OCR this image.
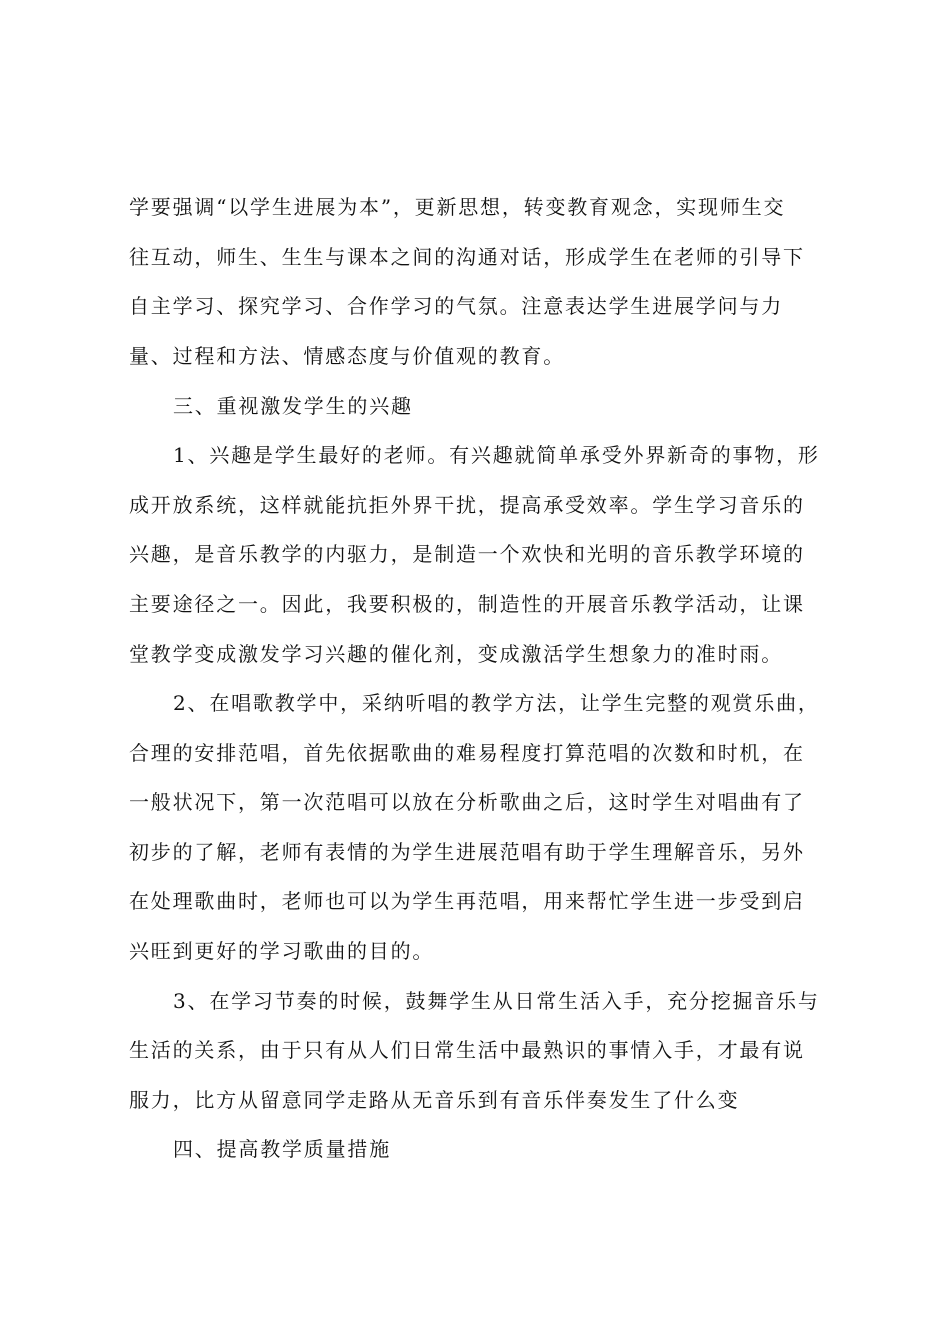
学要强调“以学生进展为本”，更新思想，转变教育观念，实现师生交
往互动，师生、生生与课本之间的沟通对话，形成学生在老师的引导下
自主学习、探究学习、合作学习的气氛。注意表达学生进展学问与力
量、过程和方法、情感态度与价值观的教育。
三、重视激发学生的兴趣
1、兴趣是学生最好的老师。有兴趣就简单承受外界新奇的事物，形
成开放系统，这样就能抗拒外界干扰，提高承受效率。学生学习音乐的
兴趣，是音乐教学的内驱力，是制造一个欢快和光明的音乐教学环境的
主要途径之一。因此，我要积极的，制造性的开展音乐教学活动，让课
堂教学变成激发学习兴趣的催化剂，变成激活学生想象力的准时雨。
2、在唱歌教学中，采纳听唱的教学方法，让学生完整的观赏乐曲，
合理的安排范唱，首先依据歌曲的难易程度打算范唱的次数和时机，在
一般状况下，第一次范唱可以放在分析歌曲之后，这时学生对唱曲有了
初步的了解，老师有表情的为学生进展范唱有助于学生理解音乐，另外
在处理歌曲时，老师也可以为学生再范唱，用来帮忙学生进一步受到启
兴旺到更好的学习歌曲的目的。
3、在学习节奏的时候，鼓舞学生从日常生活入手，充分挖掘音乐与
生活的关系，由于只有从人们日常生活中最熟识的事情入手，才最有说
服力，比方从留意同学走路从无音乐到有音乐伴奏发生了什么变
四、提高教学质量措施
